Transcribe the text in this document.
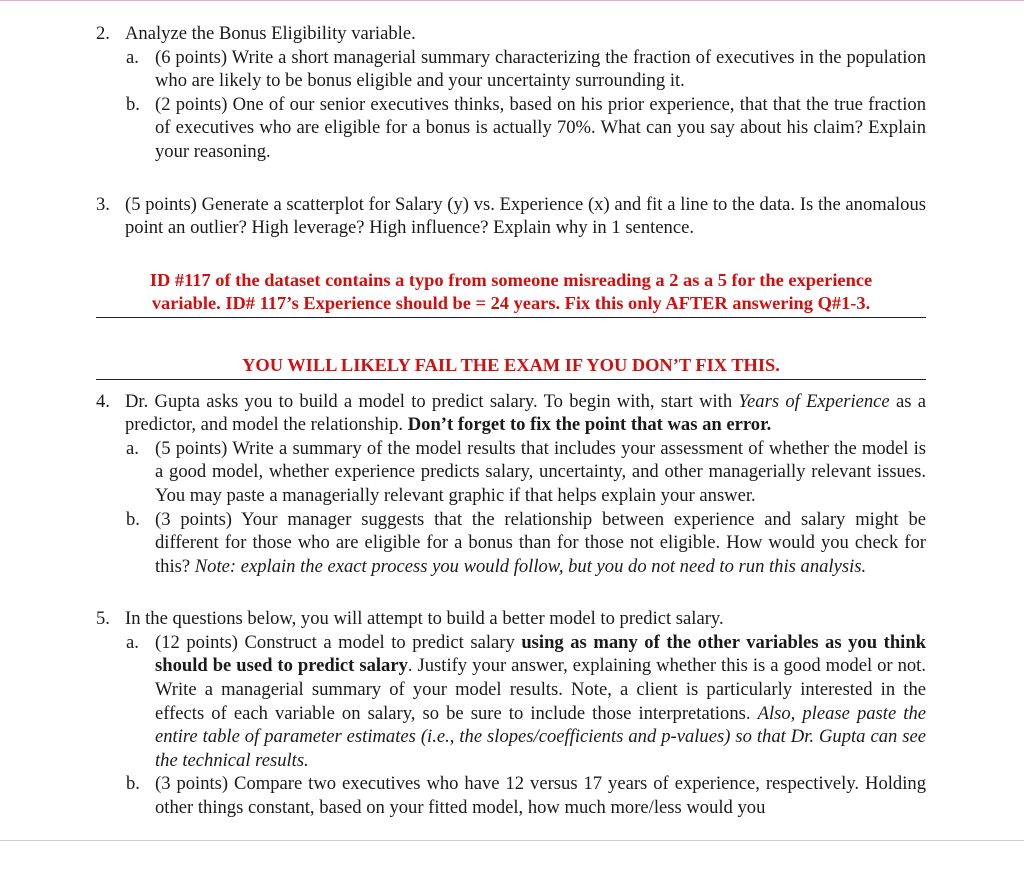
2. Analyze the Bonus Eligibility variable.
a. (6 points) Write a short managerial summary characterizing the fraction of executives in the population who are likely to be bonus eligible and your uncertainty surrounding it.
b. (2 points) One of our senior executives thinks, based on his prior experience, that that the true fraction of executives who are eligible for a bonus is actually 70%. What can you say about his claim? Explain your reasoning.
3. (5 points) Generate a scatterplot for Salary (y) vs. Experience (x) and fit a line to the data. Is the anomalous point an outlier? High leverage? High influence? Explain why in 1 sentence.
ID #117 of the dataset contains a typo from someone misreading a 2 as a 5 for the experience
variable. ID# 117’s Experience should be = 24 years. Fix this only AFTER answering Q#1-3.
YOU WILL LIKELY FAIL THE EXAM IF YOU DON’T FIX THIS.
4. Dr. Gupta asks you to build a model to predict salary. To begin with, start with Years of Experience as a predictor, and model the relationship. Don’t forget to fix the point that was an error.
a. (5 points) Write a summary of the model results that includes your assessment of whether the model is a good model, whether experience predicts salary, uncertainty, and other managerially relevant issues. You may paste a managerially relevant graphic if that helps explain your answer.
b. (3 points) Your manager suggests that the relationship between experience and salary might be different for those who are eligible for a bonus than for those not eligible. How would you check for this? Note: explain the exact process you would follow, but you do not need to run this analysis.
5. In the questions below, you will attempt to build a better model to predict salary.
a. (12 points) Construct a model to predict salary using as many of the other variables as you think should be used to predict salary. Justify your answer, explaining whether this is a good model or not. Write a managerial summary of your model results. Note, a client is particularly interested in the effects of each variable on salary, so be sure to include those interpretations. Also, please paste the entire table of parameter estimates (i.e., the slopes/coefficients and p-values) so that Dr. Gupta can see the technical results.
b. (3 points) Compare two executives who have 12 versus 17 years of experience, respectively. Holding other things constant, based on your fitted model, how much more/less would you
